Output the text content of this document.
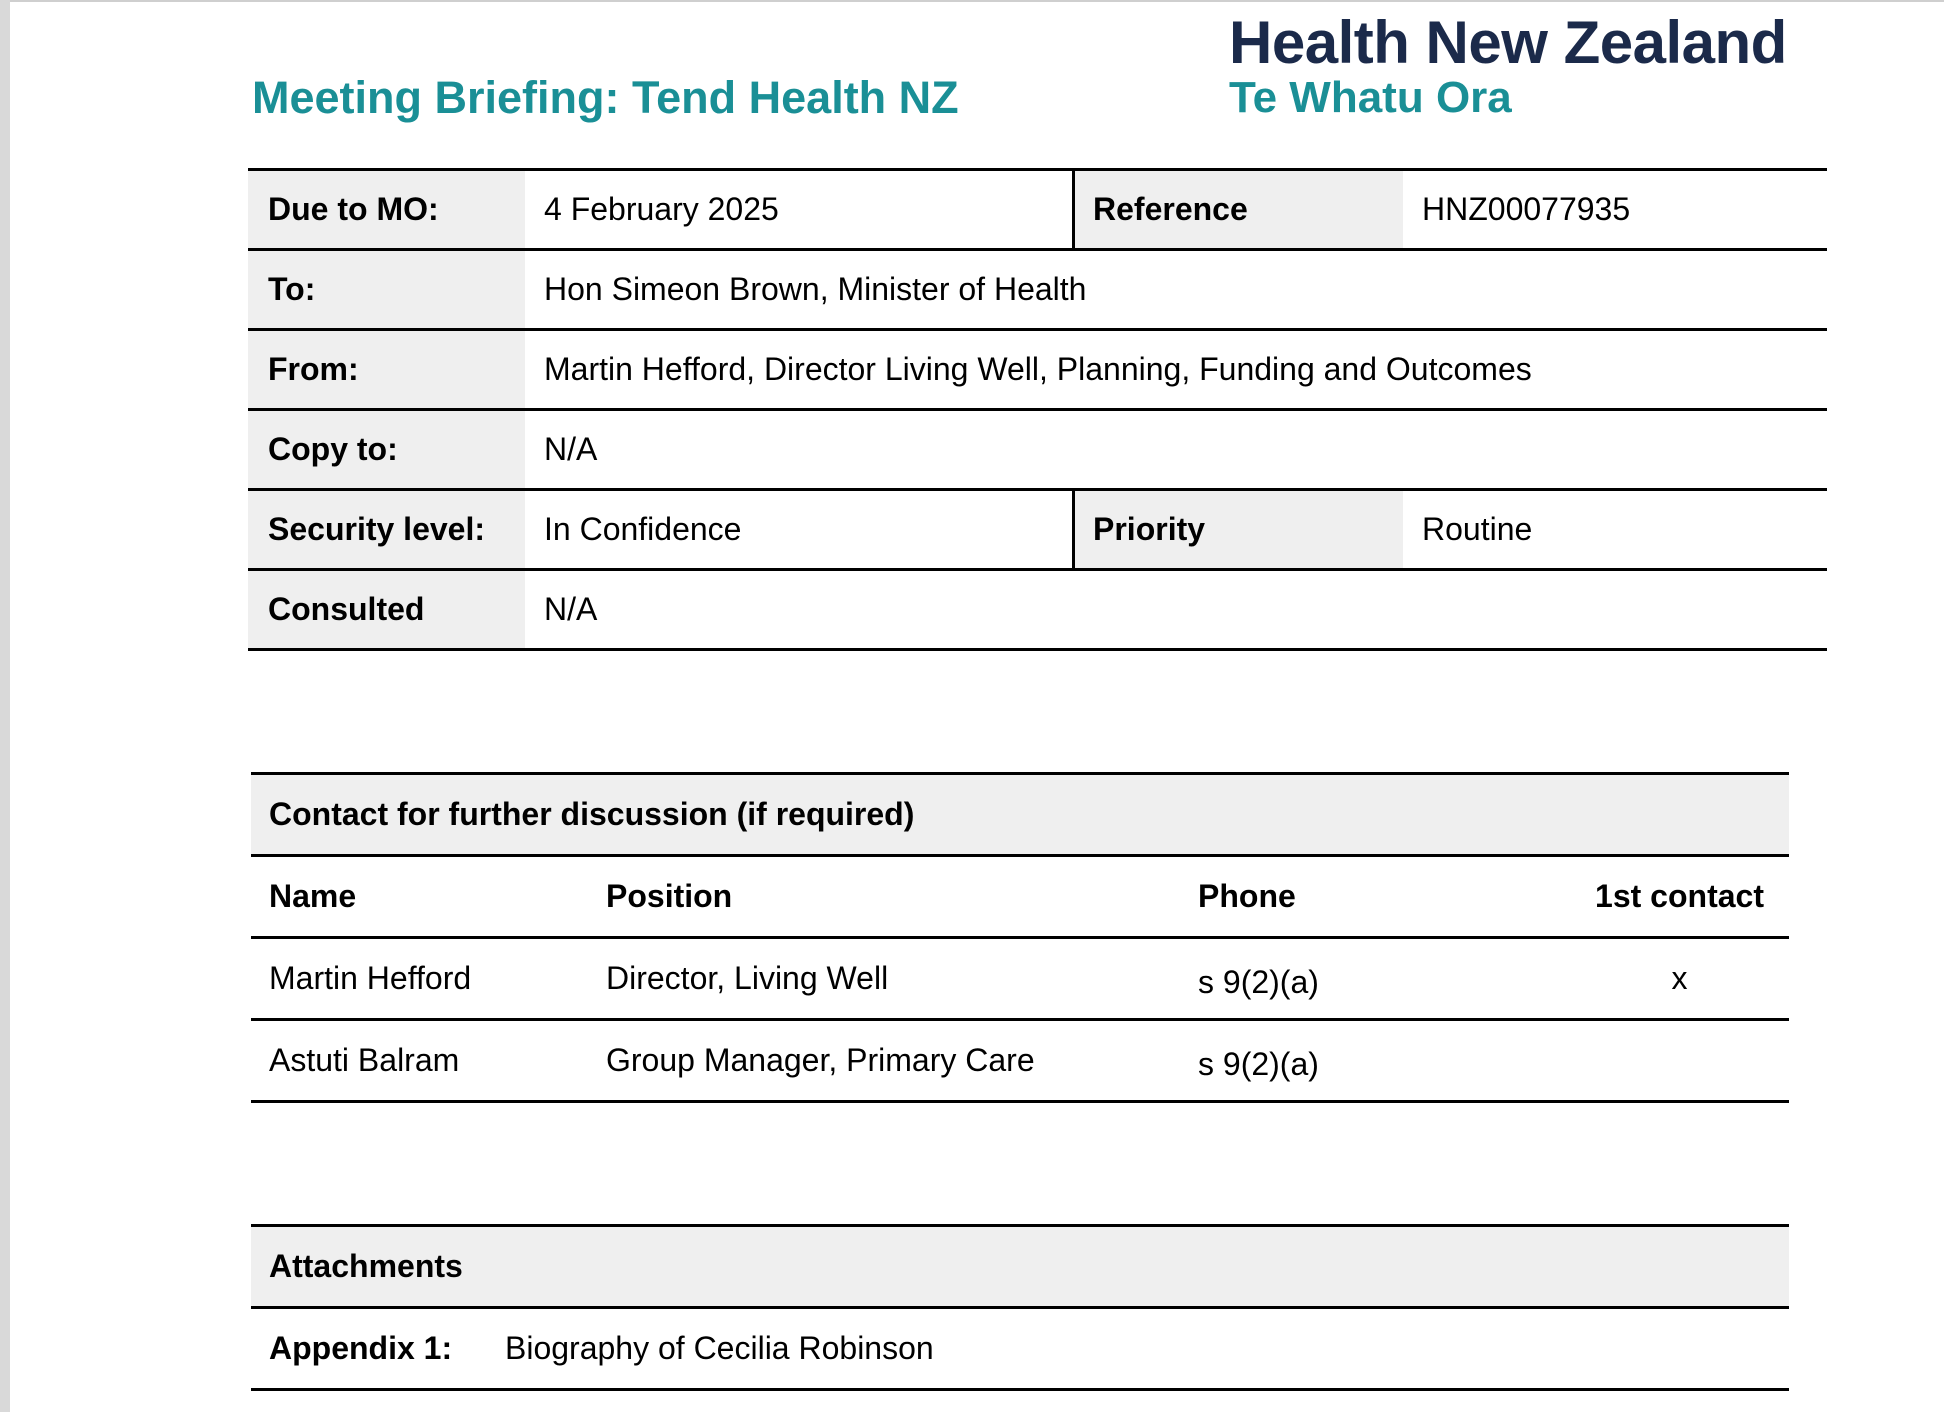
Health New Zealand
Te Whatu Ora
Meeting Briefing: Tend Health NZ
Due to MO:	4 February 2025	Reference	HNZ00077935
To:	Hon Simeon Brown, Minister of Health
From:	Martin Hefford, Director Living Well, Planning, Funding and Outcomes
Copy to:	N/A
Security level:	In Confidence	Priority	Routine
Consulted	N/A
Contact for further discussion (if required)
Name	Position	Phone	1st contact
Martin Hefford	Director, Living Well	s 9(2)(a)	x
Astuti Balram	Group Manager, Primary Care	s 9(2)(a)
Attachments
Appendix 1:	Biography of Cecilia Robinson
